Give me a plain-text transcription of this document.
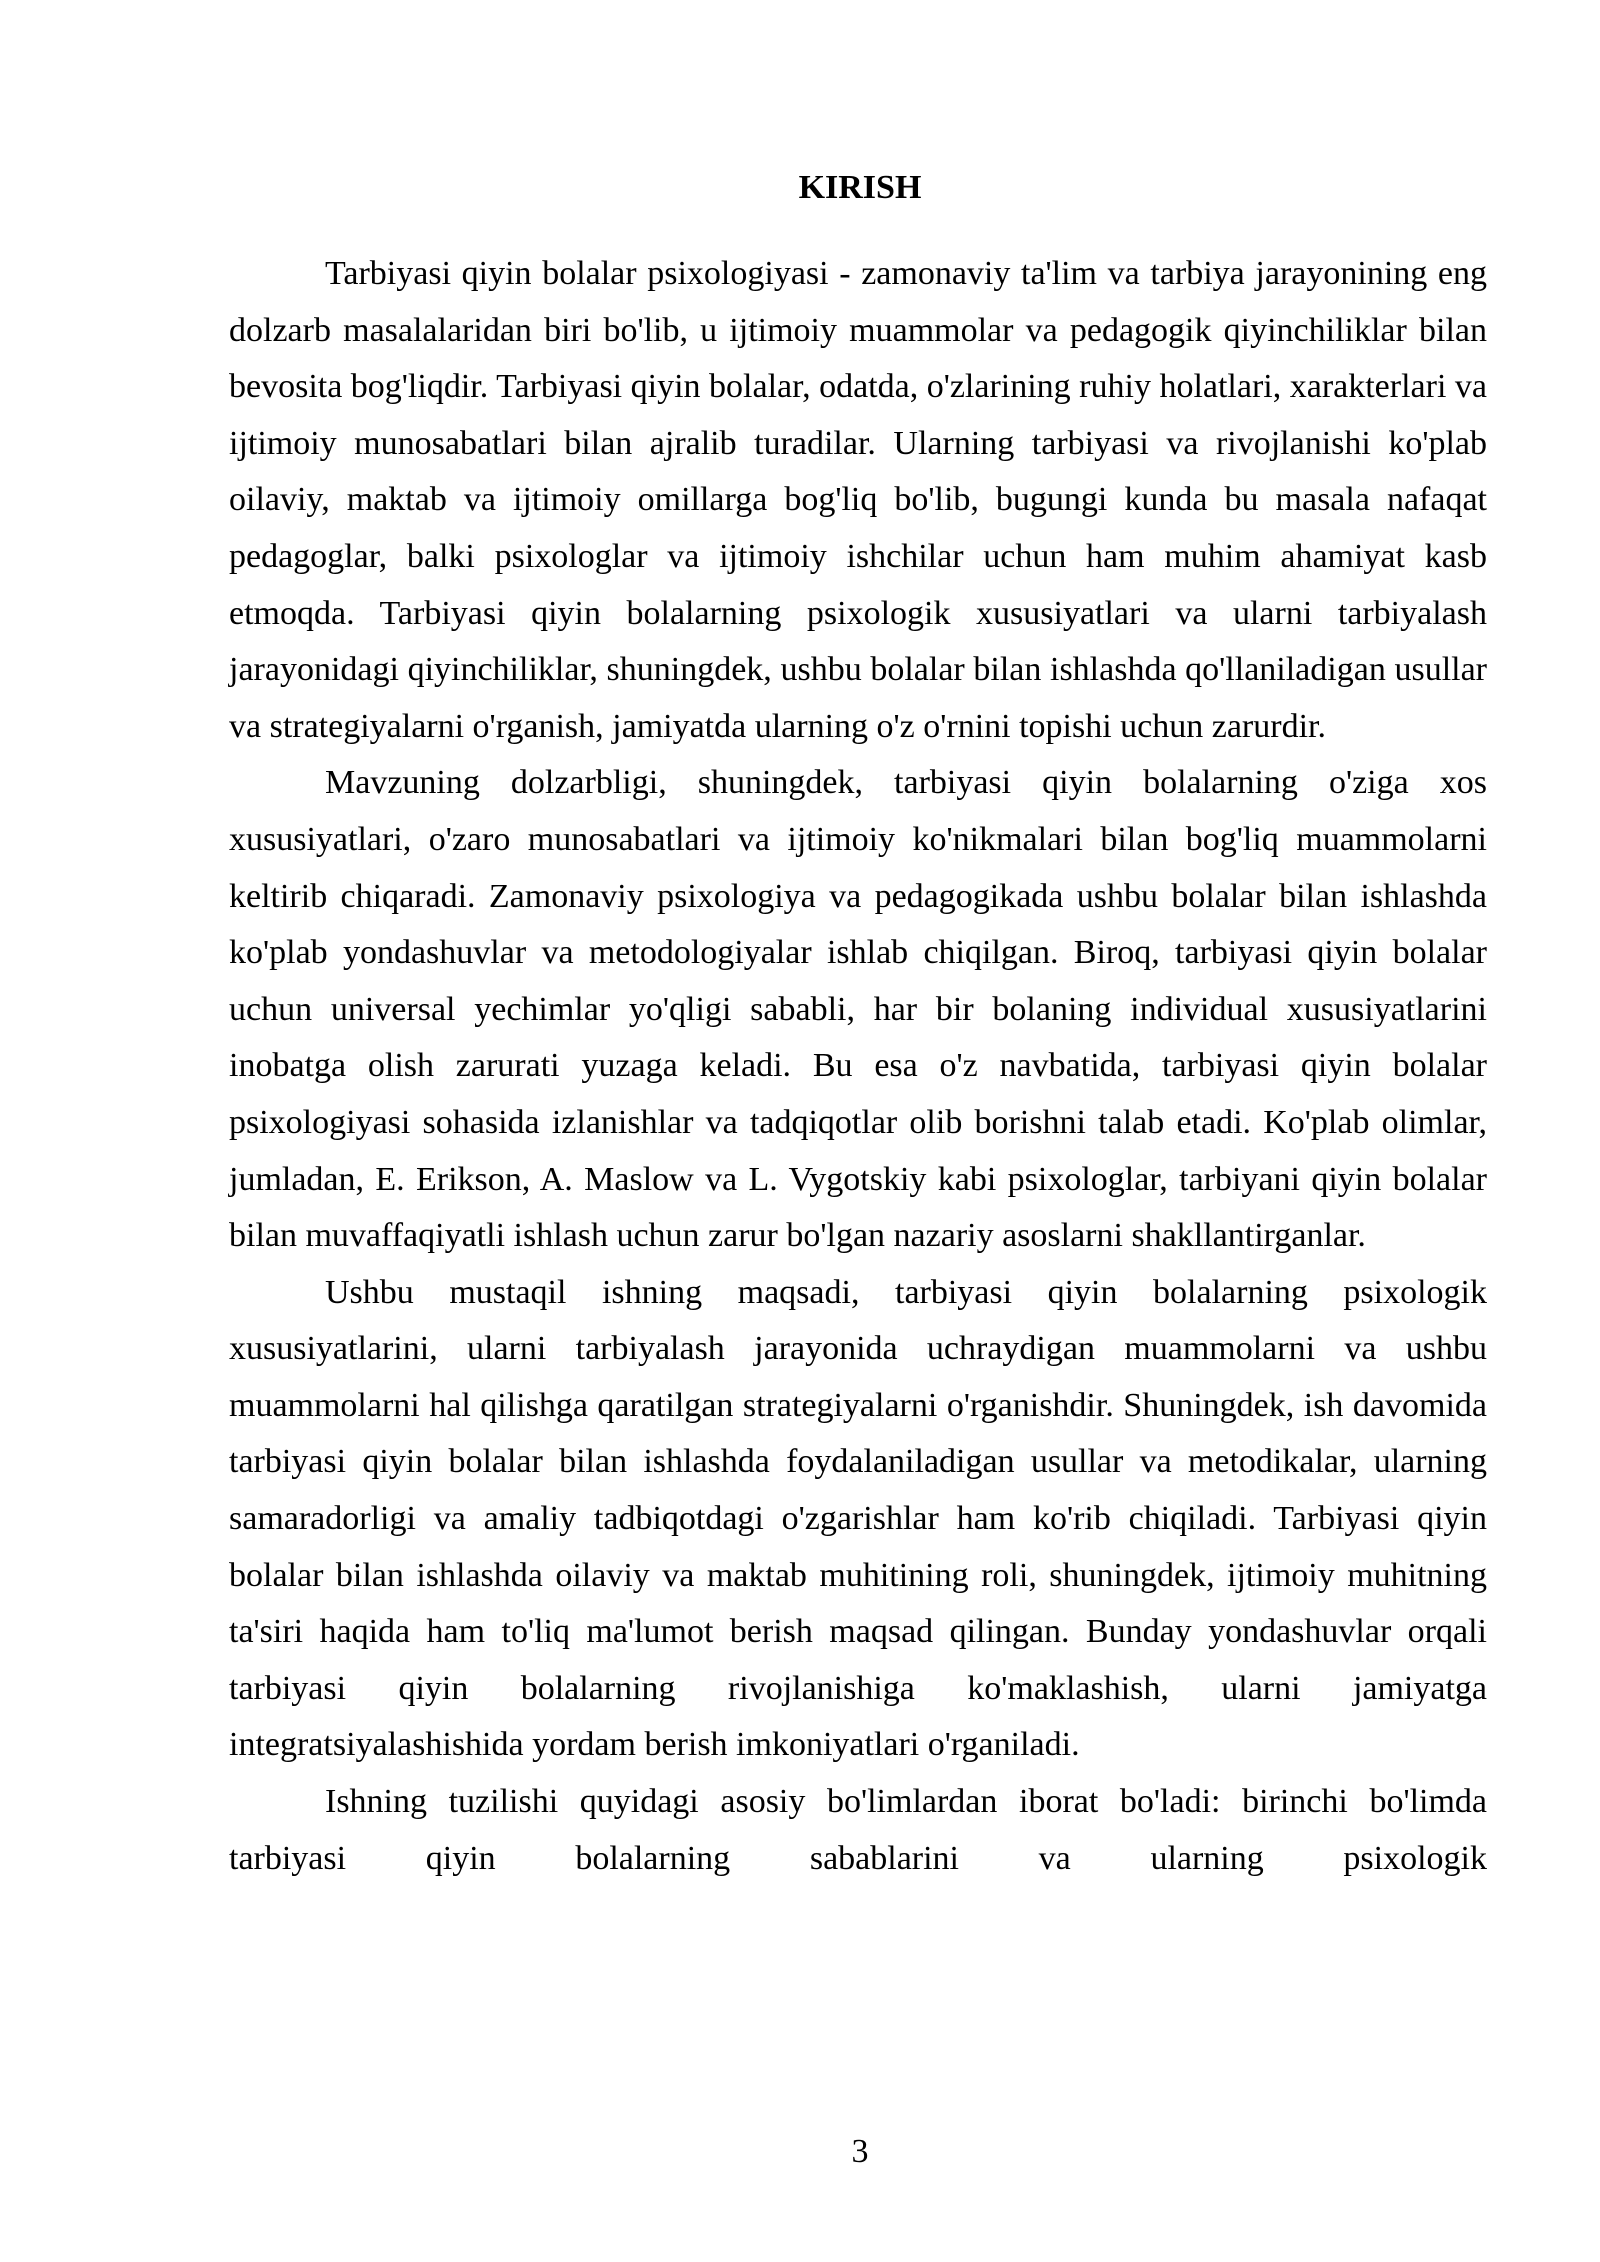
KIRISH

Tarbiyasi qiyin bolalar psixologiyasi - zamonaviy ta'lim va tarbiya jarayonining eng dolzarb masalalaridan biri bo'lib, u ijtimoiy muammolar va pedagogik qiyinchiliklar bilan bevosita bog'liqdir. Tarbiyasi qiyin bolalar, odatda, o'zlarining ruhiy holatlari, xarakterlari va ijtimoiy munosabatlari bilan ajralib turadilar. Ularning tarbiyasi va rivojlanishi ko'plab oilaviy, maktab va ijtimoiy omillarga bog'liq bo'lib, bugungi kunda bu masala nafaqat pedagoglar, balki psixologlar va ijtimoiy ishchilar uchun ham muhim ahamiyat kasb etmoqda. Tarbiyasi qiyin bolalarning psixologik xususiyatlari va ularni tarbiyalash jarayonidagi qiyinchiliklar, shuningdek, ushbu bolalar bilan ishlashda qo'llaniladigan usullar va strategiyalarni o'rganish, jamiyatda ularning o'z o'rnini topishi uchun zarurdir.

Mavzuning dolzarbligi, shuningdek, tarbiyasi qiyin bolalarning o'ziga xos xususiyatlari, o'zaro munosabatlari va ijtimoiy ko'nikmalari bilan bog'liq muammolarni keltirib chiqaradi. Zamonaviy psixologiya va pedagogikada ushbu bolalar bilan ishlashda ko'plab yondashuvlar va metodologiyalar ishlab chiqilgan. Biroq, tarbiyasi qiyin bolalar uchun universal yechimlar yo'qligi sababli, har bir bolaning individual xususiyatlarini inobatga olish zarurati yuzaga keladi. Bu esa o'z navbatida, tarbiyasi qiyin bolalar psixologiyasi sohasida izlanishlar va tadqiqotlar olib borishni talab etadi. Ko'plab olimlar, jumladan, E. Erikson, A. Maslow va L. Vygotskiy kabi psixologlar, tarbiyani qiyin bolalar bilan muvaffaqiyatli ishlash uchun zarur bo'lgan nazariy asoslarni shakllantirganlar.

Ushbu mustaqil ishning maqsadi, tarbiyasi qiyin bolalarning psixologik xususiyatlarini, ularni tarbiyalash jarayonida uchraydigan muammolarni va ushbu muammolarni hal qilishga qaratilgan strategiyalarni o'rganishdir. Shuningdek, ish davomida tarbiyasi qiyin bolalar bilan ishlashda foydalaniladigan usullar va metodikalar, ularning samaradorligi va amaliy tadbiqotdagi o'zgarishlar ham ko'rib chiqiladi. Tarbiyasi qiyin bolalar bilan ishlashda oilaviy va maktab muhitining roli, shuningdek, ijtimoiy muhitning ta'siri haqida ham to'liq ma'lumot berish maqsad qilingan. Bunday yondashuvlar orqali tarbiyasi qiyin bolalarning rivojlanishiga ko'maklashish, ularni jamiyatga integratsiyalashishida yordam berish imkoniyatlari o'rganiladi.

Ishning tuzilishi quyidagi asosiy bo'limlardan iborat bo'ladi: birinchi bo'limda tarbiyasi qiyin bolalarning sabablarini va ularning psixologik

3
